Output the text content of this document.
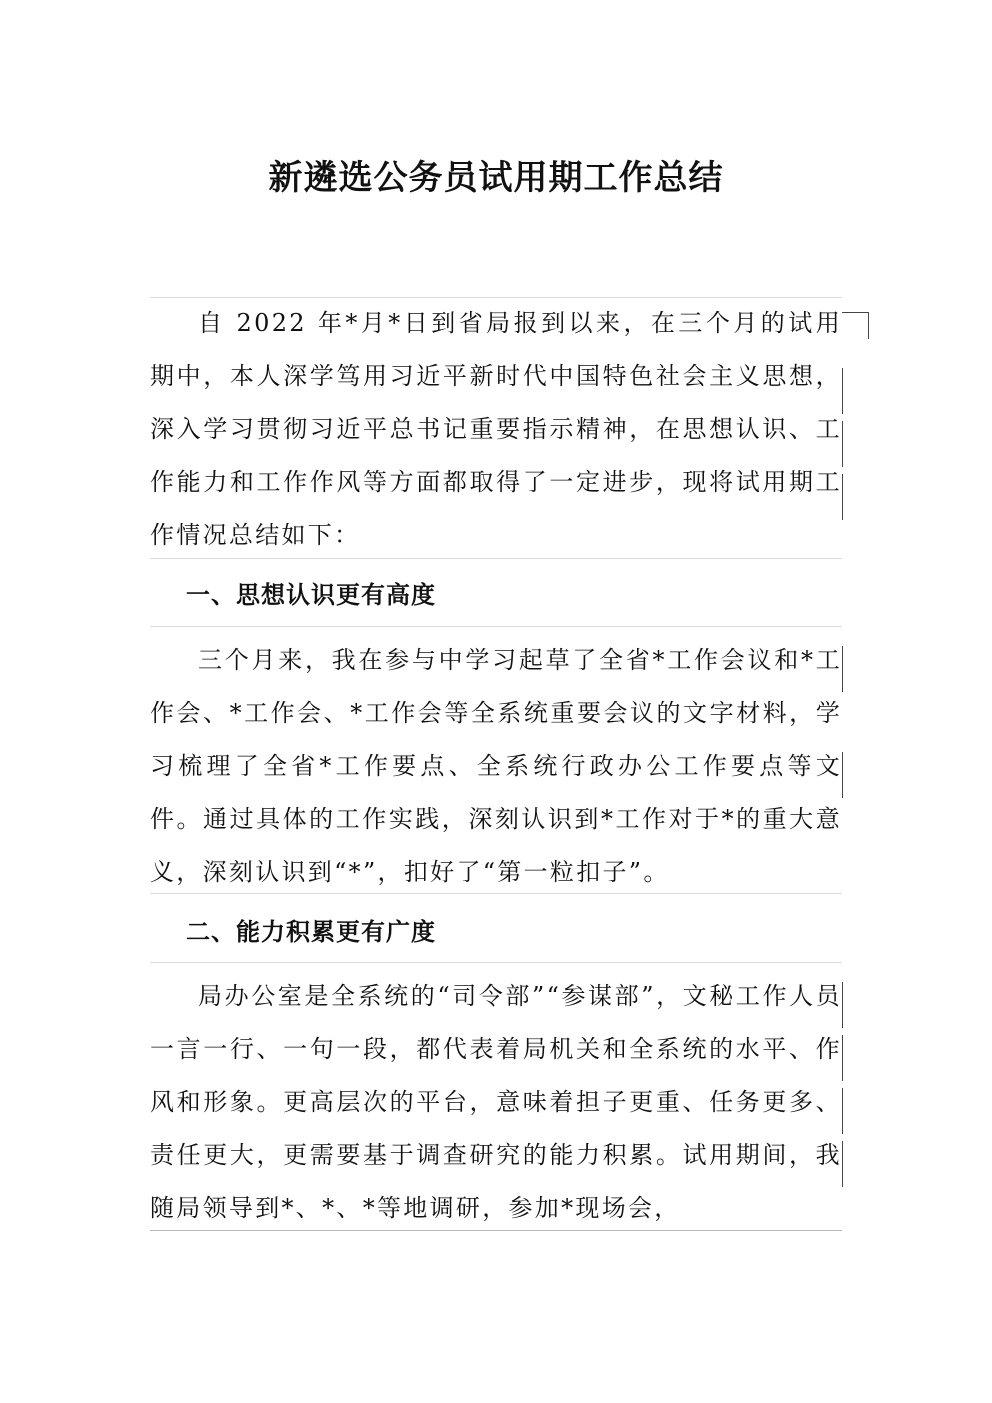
新遴选公务员试用期工作总结

自 2022 年*月*日到省局报到以来，在三个月的试用期中，本人深学笃用习近平新时代中国特色社会主义思想，深入学习贯彻习近平总书记重要指示精神，在思想认识、工作能力和工作作风等方面都取得了一定进步，现将试用期工作情况总结如下：

一、思想认识更有高度

三个月来，我在参与中学习起草了全省*工作会议和*工作会、*工作会、*工作会等全系统重要会议的文字材料，学习梳理了全省*工作要点、全系统行政办公工作要点等文件。通过具体的工作实践，深刻认识到*工作对于*的重大意义，深刻认识到“*”，扣好了“第一粒扣子”。

二、能力积累更有广度

局办公室是全系统的“司令部”“参谋部”，文秘工作人员一言一行、一句一段，都代表着局机关和全系统的水平、作风和形象。更高层次的平台，意味着担子更重、任务更多、责任更大，更需要基于调查研究的能力积累。试用期间，我随局领导到*、*、*等地调研，参加*现场会，
